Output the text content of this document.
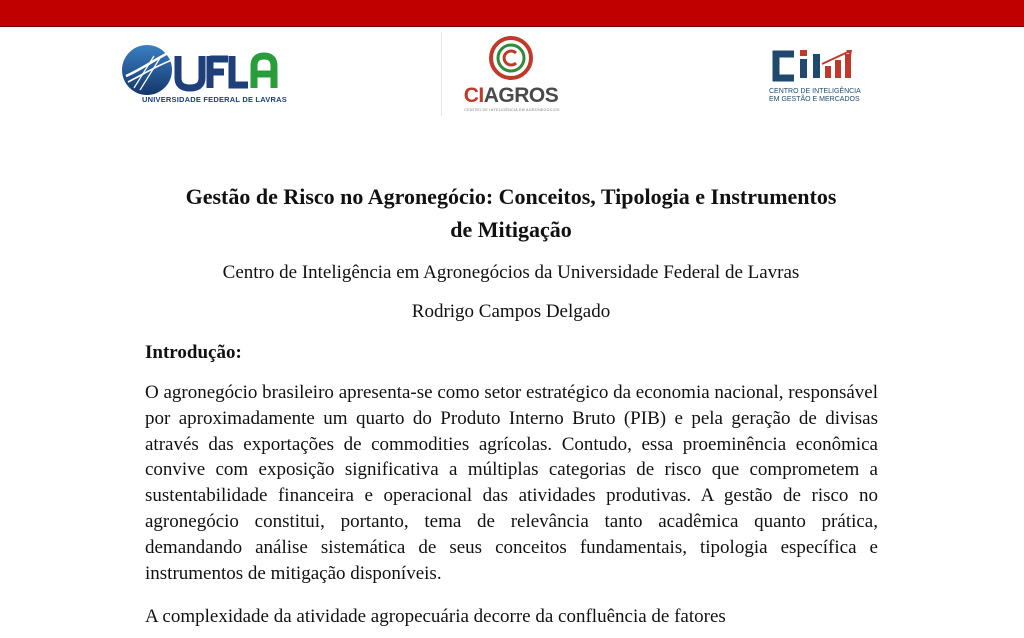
UNIVERSIDADE FEDERAL DE LAVRAS	CIAGROS
CENTRO DE INTELIGÊNCIA EM AGRONEGÓCIOS
CENTRO DE INTELIGÊNCIA
EM GESTÃO E MERCADOS
Gestão de Risco no Agronegócio: Conceitos, Tipologia e Instrumentos
de Mitigação
Centro de Inteligência em Agronegócios da Universidade Federal de Lavras
Rodrigo Campos Delgado
Introdução:

O agronegócio brasileiro apresenta-se como setor estratégico da economia nacional, responsável por aproximadamente um quarto do Produto Interno Bruto (PIB) e pela geração de divisas através das exportações de commodities agrícolas. Contudo, essa proeminência econômica convive com exposição significativa a múltiplas categorias de risco que comprometem a sustentabilidade financeira e operacional das atividades produtivas. A gestão de risco no agronegócio constitui, portanto, tema de relevância tanto acadêmica quanto prática, demandando análise sistemática de seus conceitos fundamentais, tipologia específica e instrumentos de mitigação disponíveis.

A complexidade da atividade agropecuária decorre da confluência de fatores
